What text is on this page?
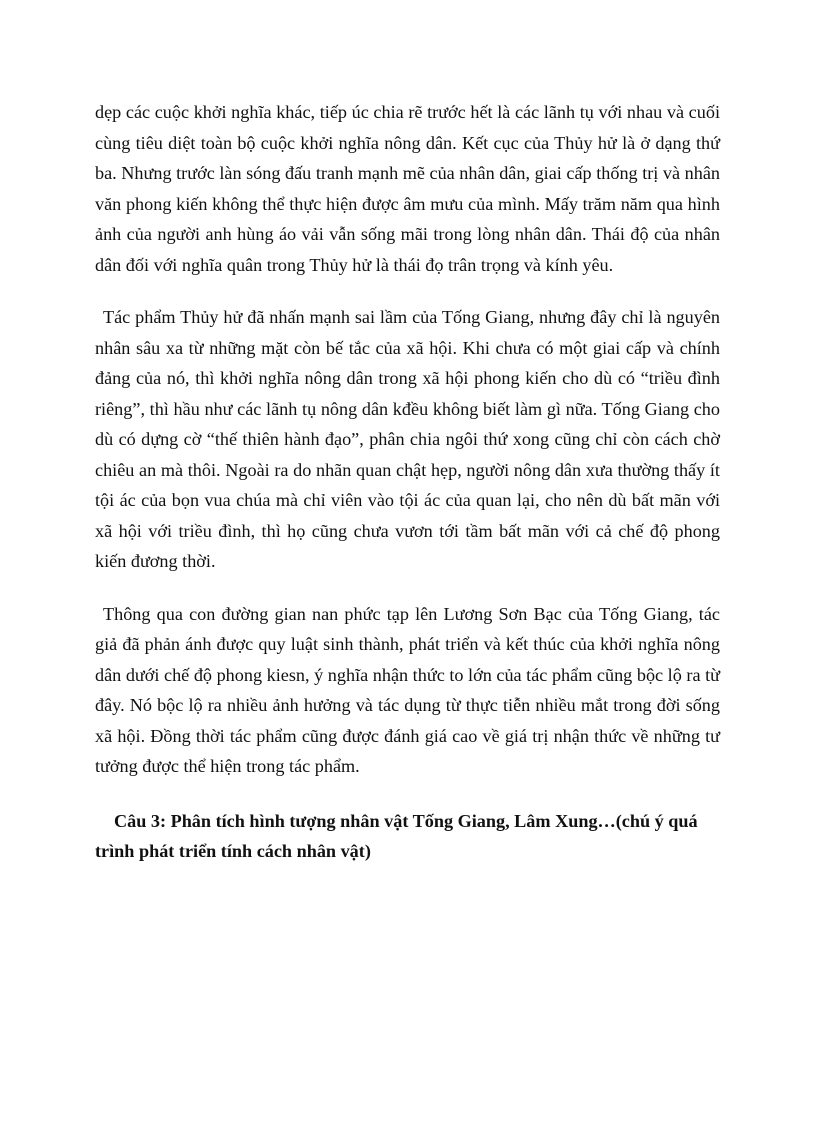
dẹp các cuộc khởi nghĩa khác, tiếp úc chia rẽ trước hết là các lãnh tụ với nhau và cuối cùng tiêu diệt toàn bộ cuộc khởi nghĩa nông dân. Kết cục của Thủy hử là ở dạng thứ ba. Nhưng trước làn sóng đấu tranh mạnh mẽ của nhân dân, giai cấp thống trị và nhân văn phong kiến không thể thực hiện được âm mưu của mình. Mấy trăm năm qua hình ảnh của người anh hùng áo vải vẫn sống mãi trong lòng nhân dân. Thái độ của nhân dân đối với nghĩa quân trong Thủy hử là thái đọ trân trọng và kính yêu.

Tác phẩm Thủy hử đã nhấn mạnh sai lầm của Tống Giang, nhưng đây chỉ là nguyên nhân sâu xa từ những mặt còn bế tắc của xã hội. Khi chưa có một giai cấp và chính đảng của nó, thì khởi nghĩa nông dân trong xã hội phong kiến cho dù có “triều đình riêng”, thì hầu như các lãnh tụ nông dân kđều không biết làm gì nữa. Tống Giang cho dù có dựng cờ “thế thiên hành đạo”, phân chia ngôi thứ xong cũng chỉ còn cách chờ chiêu an mà thôi. Ngoài ra do nhãn quan chật hẹp, người nông dân xưa thường thấy ít tội ác của bọn vua chúa mà chỉ viên vào tội ác của quan lại, cho nên dù bất mãn với xã hội với triều đình, thì họ cũng chưa vươn tới tầm bất mãn với cả chế độ phong kiến đương thời.

Thông qua con đường gian nan phức tạp lên Lương Sơn Bạc của Tống Giang, tác giả đã phản ánh được quy luật sinh thành, phát triển và kết thúc của khởi nghĩa nông dân dưới chế độ phong kiesn, ý nghĩa nhận thức to lớn của tác phẩm cũng bộc lộ ra từ đây. Nó bộc lộ ra nhiều ảnh hưởng và tác dụng từ thực tiễn nhiều mắt trong đời sống xã hội. Đồng thời tác phẩm cũng được đánh giá cao về giá trị nhận thức về những tư tưởng được thể hiện trong tác phẩm.

Câu 3: Phân tích hình tượng nhân vật Tống Giang, Lâm Xung…(chú ý quá trình phát triển tính cách nhân vật)
